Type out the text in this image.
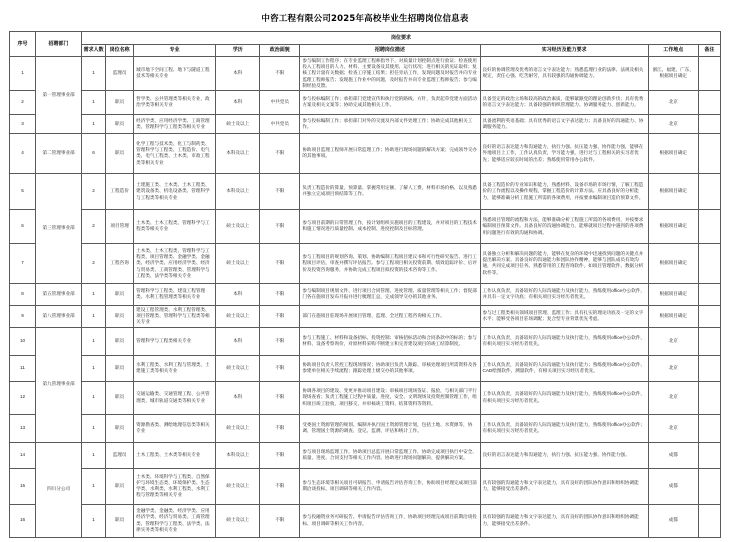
中咨工程有限公司2025年高校毕业生招聘岗位信息表
序号	招聘部门	岗位要求								
		需求人数	岗位名称	专业	学历	政治面貌	招聘岗位描述	实习经历及能力要求	工作地点	备注
1	第一管理事业部	1	监理员	城市地下空间工程、地下与隧道工程技术等相关专业	本科	不限	参与编制工作程序；在专业监理工程师指导下，对质量计划控制点进行验证；检查使用投入工程项目的人力、材料、主要设备及其使用、运行状况；进行相关的见证取样；复核工程计量有关数据；检查工序施工结果；担任旁站工作，发现问题及时报告并向专业监理工程师报告；发现施工作业中的问题，及时报告并向专业监理工程师报告；参与编制经验反馈。	良好的协调管理及优秀的语言文字表达能力；熟悉监理行业的法律、法规及相关规定，责任心强、吃苦耐劳，具有较强的沟通协调能力。	浙江、福建、广东，根据项目确定	
2		1	职员	哲学类、公共管理类等相关专业，政治学类等相关专业	本科	中共党员	参与投标编制工作；承担部门党建宣传和执行党的路线、方针，负责起草党建方面活动方案及相关文案等；协助完成其他相关工作。	具备坚定的政治立场和较高的政治素质，能够紧跟党的理论创新步伐；具有优秀的语言文字表达能力；具备较强的组织管理能力、协调服务能力、创新能力。	北京	
3		1	职员	经济学类、应用经济学类、工商管理类、管理科学与工程类等相关专业	硕士及以上	中共党员	参与投标编制工作；承担部门对外的交流及内部文件处理工作；协助完成其他相关工作。	具备流利的英语基础；具有优秀的语言文字表达能力；具备良好的沟通能力、协调服务能力。	北京	
4	第二管理事业部	6	职员	化学工程与技术类、化工与制药类、管理科学与工程类、工程造价、电气类、电气工程类、土木类、市政工程类等相关专业	本科及以上	不限	协助项目监理工程师开展日常监理工作；协助进行现场问题的解决方案；完成领导交办的其他事项。	良好的语言表达能力和沟通能力，执行力强、抗压能力强、协作能力强，能够在外地项目上工作，工作认真负责，学习能力强，进行过与工程相关的实习者优先；能够适应较长时间的出差；熟练使用常用办公软件。	根据项目确定	
5	第三管理事业部	2	工程造价	土建施工类、土木类、土木工程类、建筑设备类、机电设备类、管理科学与工程类等相关专业	本科及以上	不限	负责工程造价的算量、预算量、掌握常用定额、了解人工费、材料市场价格、以及熟悉并独立完成项目预结算等工作。	具备工程造价的专业知识和能力，熟悉材料、设备市场的市场行情，了解工程造价的工作流程以及操作规程，掌握工程造价的计算方法。应具备良好的分析能力，能够准确分析工程施工所需的各项费用，并按要求编制项目造价预算文件。	根据项目确定	
6		2	项目管理	土木类、土木工程类、管理科学与工程类等相关专业	硕士及以上	不限	参与项目前期的日常管理工作，按计划组织实施项目的工程建设，并对项目的工程技术和施工情况进行质量控制、成本控制、进度控制及目标管理。	熟悉项目管理的流程和方法，能够准确分析工程施工所需的各项费用，并按要求编制项目预算文件。具备良好的沟通协调能力，能够就项目过程中遇到的各项费用问题进行有效的沟通和协调。	根据项目确定	
7		2	工程咨询	土木类、土木工程类、管理科学与工程类、项目管理类、金融学类、金融类、经济学类、应用经济学类、经济与贸易类、工商管理类、管理科学与工程类、法学类等相关专业	硕士及以上	不限	参与工程项目的规划咨询、策划、协助编制工程项目建议书和可行性研究报告、进行工程项目评估，审查并撰写评估报告。参与工程项目相关投资前期、绩效追踪评价、后评价及投资咨询服务，并协助完成工程项目拟投资的技术咨询等工作。	具备独立分析和解决问题的能力，能够在复杂的环境中迅速找到问题的关键点并提出解决方案。具备良好的沟通能力和团队协作精神，能够与团队成员有效沟通，共同完成项目任务。熟悉常用的工程咨询软件，如项目管理软件、数据分析软件等。	根据项目确定	
8	第五管理事业部	1	职员	管理科学与工程类、建设工程管理类、水利工程管理类等相关专业	本科	不限	参与编制项目规划文件、进行项目合同管理、进度管理、质量管理等相关工作；督促部门各在施项目发布月报并进行梳理汇总，完成领导交办的其他业务。	工作认真负责，具备较好的人际沟通能力及执行能力，熟练使用office办公软件，并具有一定文字功底；有相关项目实习经历者优先。	根据项目确定	
9	第八管理事业部	1	职员	建设工程管理类、水利工程管理类、项目管理类、管理科学与工程类等相关专业	硕士及以上	不限	部门在施项目驻现场开展项目管理、监理、全过程工程咨询相关工作。	参与过工程类相关领域项目管理、监理工作；具有扎实的理论功底及一定的文字水平；能够受各项目驻场调配；复合型专业背景优先考虑。	根据项目确定	
10	第九管理事业部	1	职员	管理科学与工程类相关专业	本科	不限	参与工程施工、材料和设备招标、投资控制；审核招标活动和合同条款中的标的；参与材料、设备考察询价，对原材料采购不断建立和完善建设项目的竣工结算制度。	工作认真负责，具备较好的人际沟通能力及执行能力，熟练使用office办公软件，有相关项目实习经历者优先。	北京	
11		1	职员	水利工程类、水利工程与管理类、土建施工类等相关专业	硕士及以上	不限	协助项目负责人管控工程现场情况；协助项目负责人跟踪、审核处理项目所需资料及各参建单位相关手续流程；跟踪处理上级交办的其他事项。	工作认真负责，具备较好的人际沟通能力及执行能力；熟练使用office办公软件、CAD绘图软件、测量软件，有相关项目实习经历者优先。	北京	
12		1	职员	交通运输类、交通管理工程、公共管理类、城市轨道交通类等相关专业	本科	不限	协调各项目的建设、变更并推动项目建设；审核项目现场签证、报验，与相关部门平行现场查看；负责工程施工过程中质量、进度、安全、文明现场及投资控制管理工作，组织项目竣工验收、项目移交、并审核竣工资料、结算资料等资料。	工作认真负责，具备较好的人际沟通能力及执行能力，熟练使用office办公软件，有相关项目实习经历者优先。	北京	
13		1	职员	资源勘查类、测绘地理信息类等相关专业	硕士及以上	不限	受委国土资源管理的规划、编制并执行国土资源管理计划，包括土地、水资源等，协调、管理国土资源的调查、登记、监测、评估和统计工作。	工作认真负责，具备较好的人际沟通能力及执行能力，熟练使用office办公软件；有相关项目实习经历者优先。	北京	
14	四川分公司	1	监理员	土木工程类、土木类等相关专业	本科及以上	不限	参与项目现场监理工作，协助项目总监开展日常监理工作，协助完成项目执行中安全、质量、进度、合同支付等相关工作内容，协助进行现场问题解决、提供解决方案。	良好的语言表达能力和沟通能力，执行力强、抗压能力强、协作能力强。	成都	
15		1	职员	土木类、环境科学与工程类、自然保护与环境生态类、环境保护类、生态学类、水利类、水利工程类、水利工程与管理类等相关专业	硕士及以上	不限	参与生态环境等相关项目可研报告、申请报告评估咨询工作，协助项目经理完成项目前期洽谈投标、项目调研等相关工作内容。	具有较强的沟通能力和文字表达能力，具有良好的团队协作意识和组织协调能力，能够接受出差条件。	成都	
16		1	职员	金融学类、金融类、经济学类、应用经济学类、经济与贸易类、工商管理类、管理科学与工程类、法学类、法律实务类等相关专业	硕士及以上	不限	参与投融资业务可研报告、申请报告评估咨询工作，协助项目经理完成项目前期洽谈投标、项目调研等相关工作内容。	具有较强的沟通能力和文字表达能力，具有良好的团队协作意识和组织协调能力，能够接受出差条件。	成都	
